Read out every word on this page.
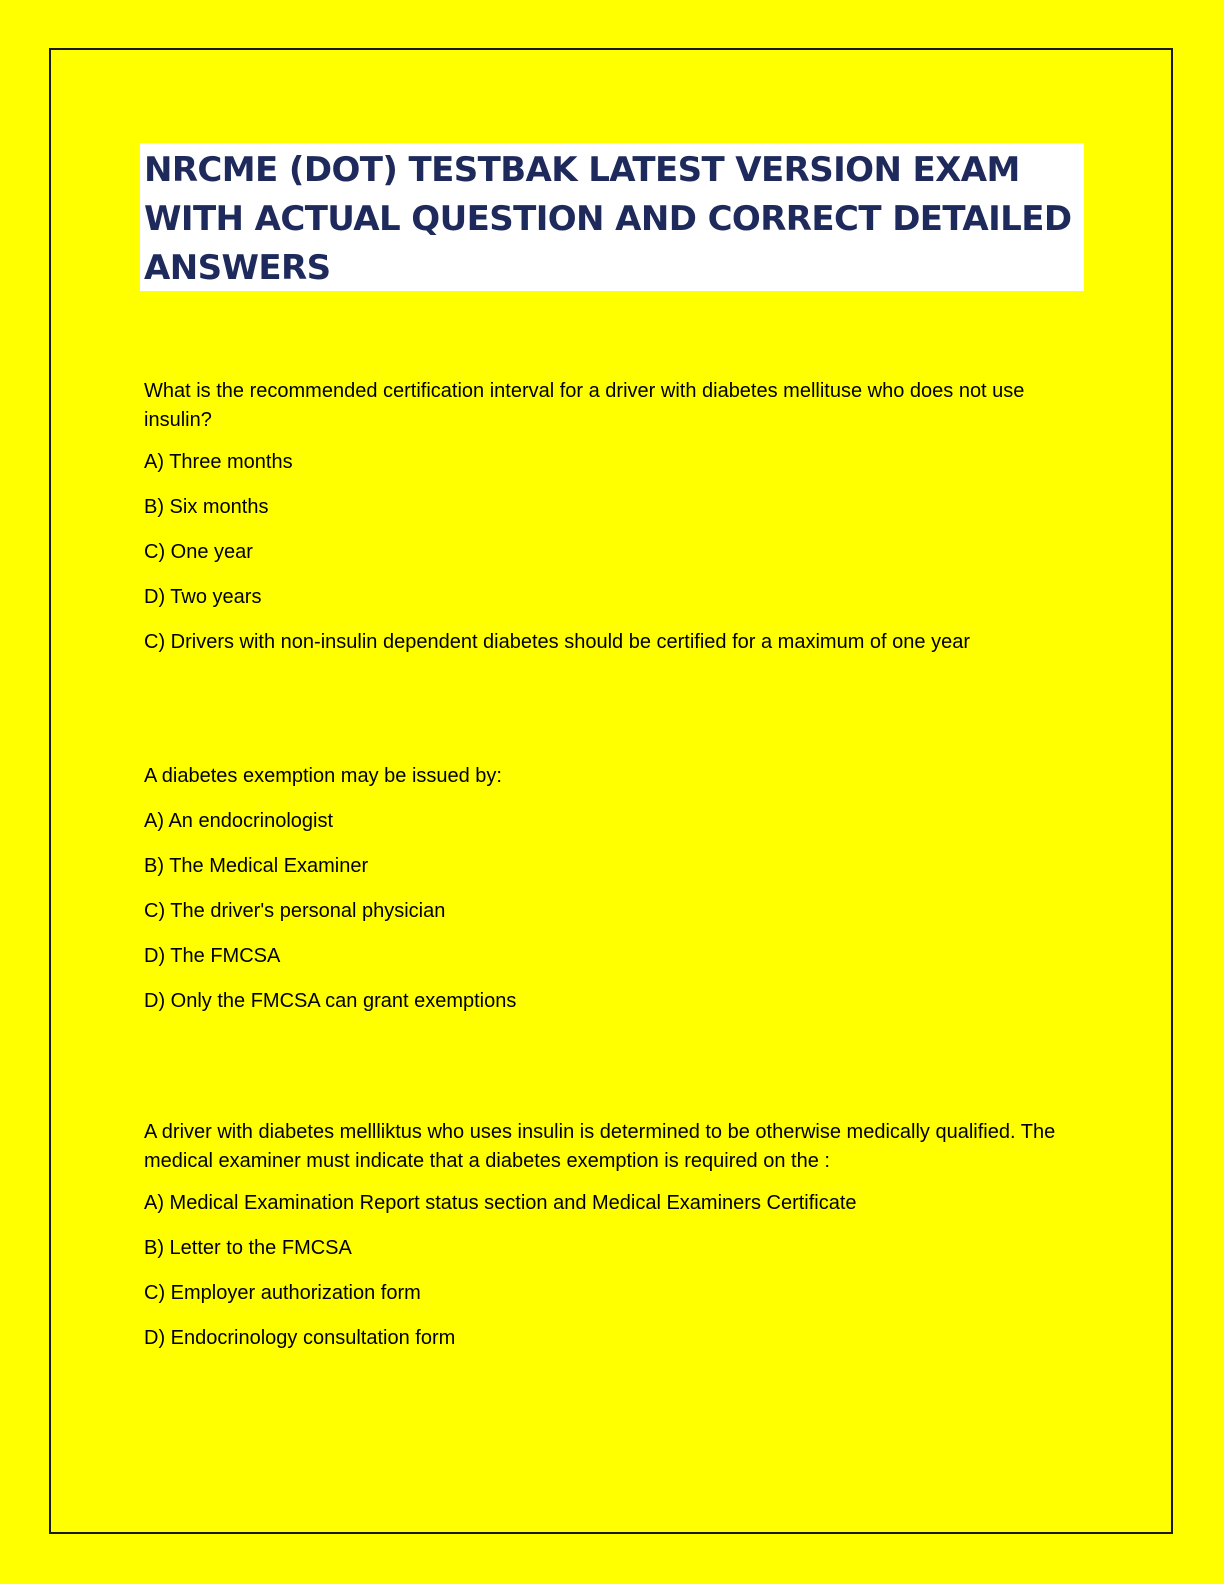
NRCME (DOT) TESTBAK LATEST VERSION EXAM
WITH ACTUAL QUESTION AND CORRECT DETAILED
ANSWERS

What is the recommended certification interval for a driver with diabetes mellituse who does not use
insulin?

A) Three months

B) Six months

C) One year

D) Two years

C) Drivers with non-insulin dependent diabetes should be certified for a maximum of one year

A diabetes exemption may be issued by:

A) An endocrinologist

B) The Medical Examiner

C) The driver's personal physician

D) The FMCSA

D) Only the FMCSA can grant exemptions

A driver with diabetes mellliktus who uses insulin is determined to be otherwise medically qualified. The
medical examiner must indicate that a diabetes exemption is required on the :

A) Medical Examination Report status section and Medical Examiners Certificate

B) Letter to the FMCSA

C) Employer authorization form

D) Endocrinology consultation form
